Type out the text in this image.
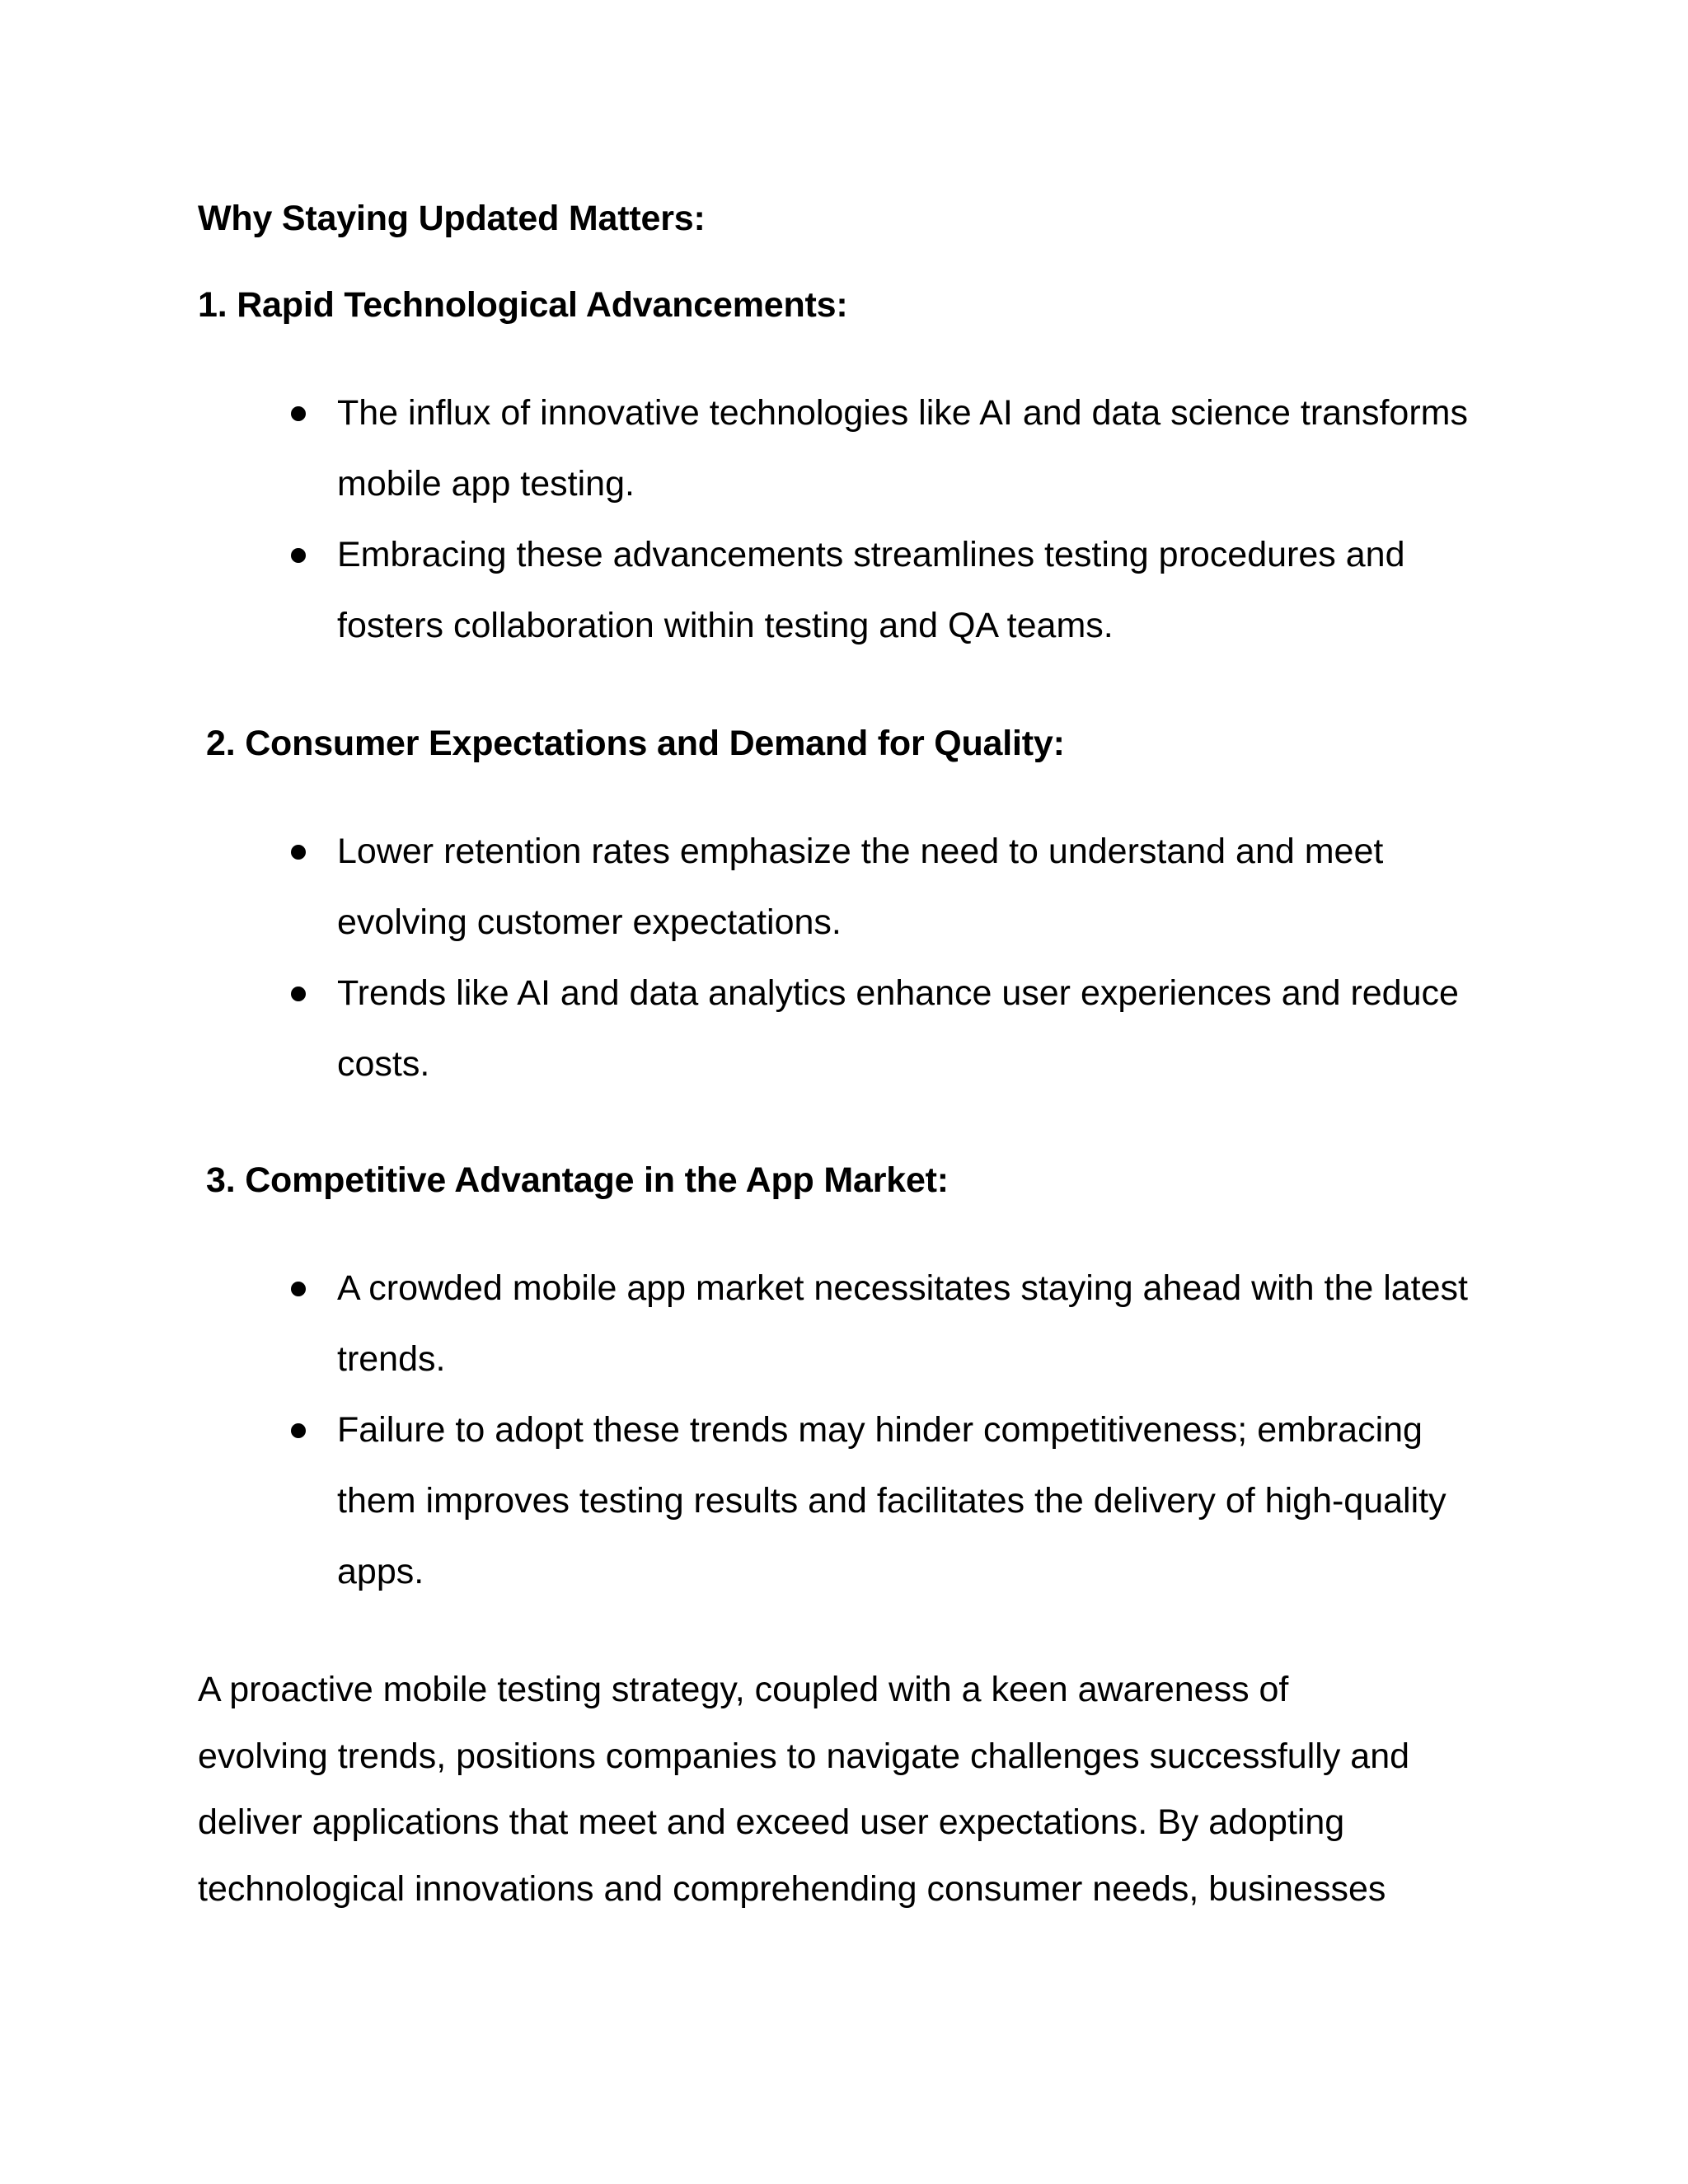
Why Staying Updated Matters:
1. Rapid Technological Advancements:
The influx of innovative technologies like AI and data science transforms mobile app testing.
Embracing these advancements streamlines testing procedures and fosters collaboration within testing and QA teams.
2. Consumer Expectations and Demand for Quality:
Lower retention rates emphasize the need to understand and meet evolving customer expectations.
Trends like AI and data analytics enhance user experiences and reduce costs.
3. Competitive Advantage in the App Market:
A crowded mobile app market necessitates staying ahead with the latest trends.
Failure to adopt these trends may hinder competitiveness; embracing them improves testing results and facilitates the delivery of high-quality apps.
A proactive mobile testing strategy, coupled with a keen awareness of
evolving trends, positions companies to navigate challenges successfully and
deliver applications that meet and exceed user expectations. By adopting
technological innovations and comprehending consumer needs, businesses
